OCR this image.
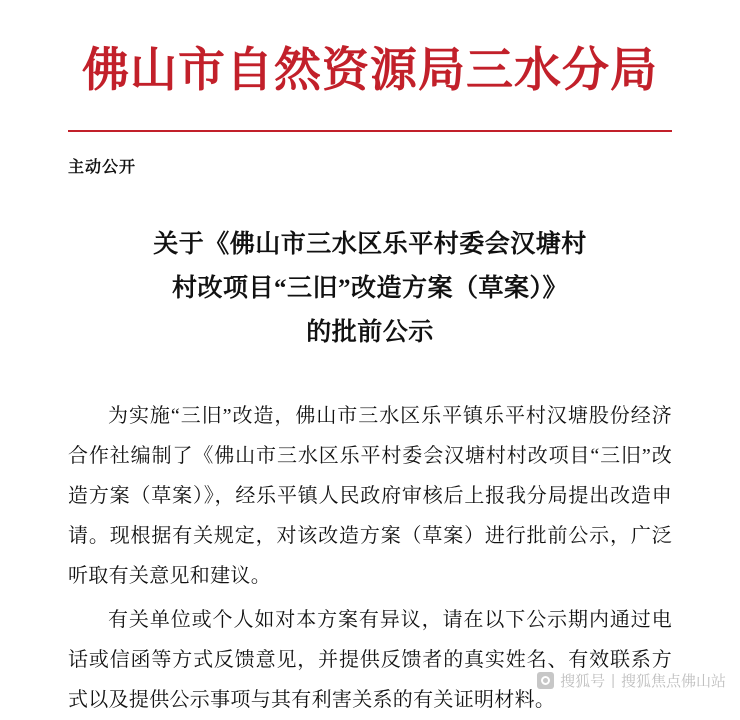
佛山市自然资源局三水分局
主动公开
关于《佛山市三水区乐平村委会汉塘村
村改项目“三旧”改造方案（草案）》
的批前公示

为实施“三旧”改造，佛山市三水区乐平镇乐平村汉塘股份经济合作社编制了《佛山市三水区乐平村委会汉塘村村改项目“三旧”改造方案（草案）》，经乐平镇人民政府审核后上报我分局提出改造申请。现根据有关规定，对该改造方案（草案）进行批前公示，广泛听取有关意见和建议。

有关单位或个人如对本方案有异议，请在以下公示期内通过电话或信函等方式反馈意见，并提供反馈者的真实姓名、有效联系方式以及提供公示事项与其有利害关系的有关证明材料。

搜狐号 | 搜狐焦点佛山站
